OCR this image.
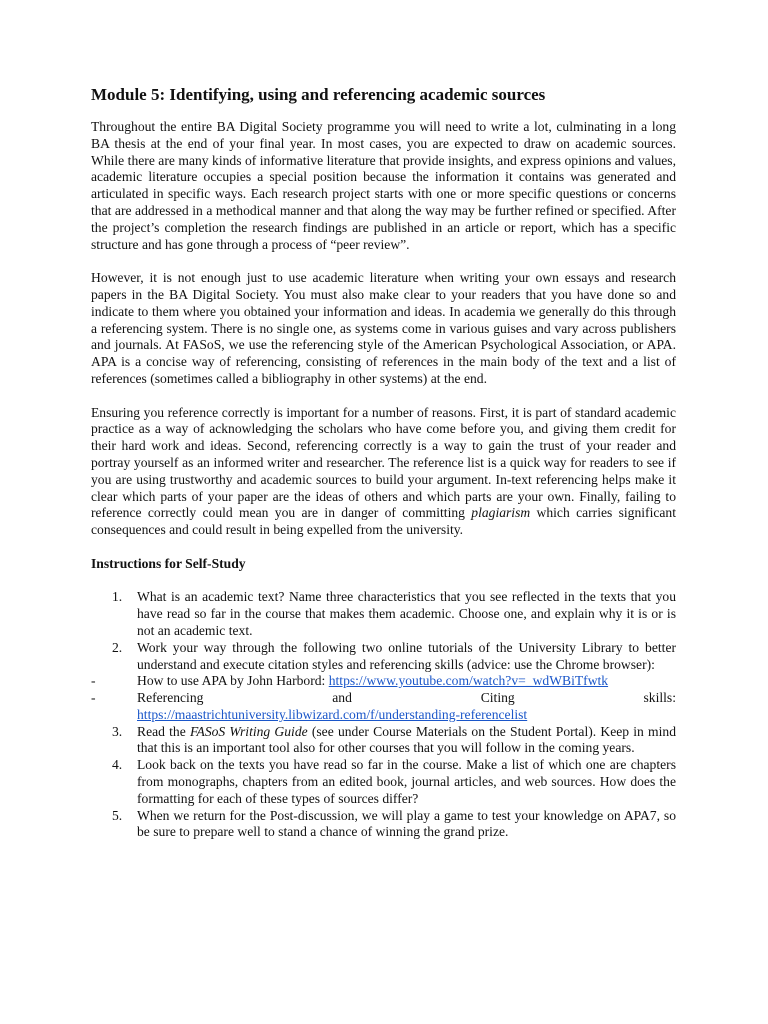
Module 5: Identifying, using and referencing academic sources

Throughout the entire BA Digital Society programme you will need to write a lot, culminating in a long BA thesis at the end of your final year. In most cases, you are expected to draw on academic sources. While there are many kinds of informative literature that provide insights, and express opinions and values, academic literature occupies a special position because the information it contains was generated and articulated in specific ways. Each research project starts with one or more specific questions or concerns that are addressed in a methodical manner and that along the way may be further refined or specified. After the project’s completion the research findings are published in an article or report, which has a specific structure and has gone through a process of “peer review”.

However, it is not enough just to use academic literature when writing your own essays and research papers in the BA Digital Society. You must also make clear to your readers that you have done so and indicate to them where you obtained your information and ideas. In academia we generally do this through a referencing system. There is no single one, as systems come in various guises and vary across publishers and journals. At FASoS, we use the referencing style of the American Psychological Association, or APA. APA is a concise way of referencing, consisting of references in the main body of the text and a list of references (sometimes called a bibliography in other systems) at the end.

Ensuring you reference correctly is important for a number of reasons. First, it is part of standard academic practice as a way of acknowledging the scholars who have come before you, and giving them credit for their hard work and ideas. Second, referencing correctly is a way to gain the trust of your reader and portray yourself as an informed writer and researcher. The reference list is a quick way for readers to see if you are using trustworthy and academic sources to build your argument. In-text referencing helps make it clear which parts of your paper are the ideas of others and which parts are your own. Finally, failing to reference correctly could mean you are in danger of committing plagiarism which carries significant consequences and could result in being expelled from the university.

Instructions for Self-Study
1. What is an academic text? Name three characteristics that you see reflected in the texts that you have read so far in the course that makes them academic. Choose one, and explain why it is or is not an academic text.
2. Work your way through the following two online tutorials of the University Library to better understand and execute citation styles and referencing skills (advice: use the Chrome browser):
-	How to use APA by John Harbord: https://www.youtube.com/watch?v=_wdWBiTfwtk
-	Referencing	and	Citing	skills:
https://maastrichtuniversity.libwizard.com/f/understanding-referencelist
3. Read the FASoS Writing Guide (see under Course Materials on the Student Portal). Keep in mind that this is an important tool also for other courses that you will follow in the coming years.
4. Look back on the texts you have read so far in the course. Make a list of which one are chapters from monographs, chapters from an edited book, journal articles, and web sources. How does the formatting for each of these types of sources differ?
5. When we return for the Post-discussion, we will play a game to test your knowledge on APA7, so be sure to prepare well to stand a chance of winning the grand prize.
